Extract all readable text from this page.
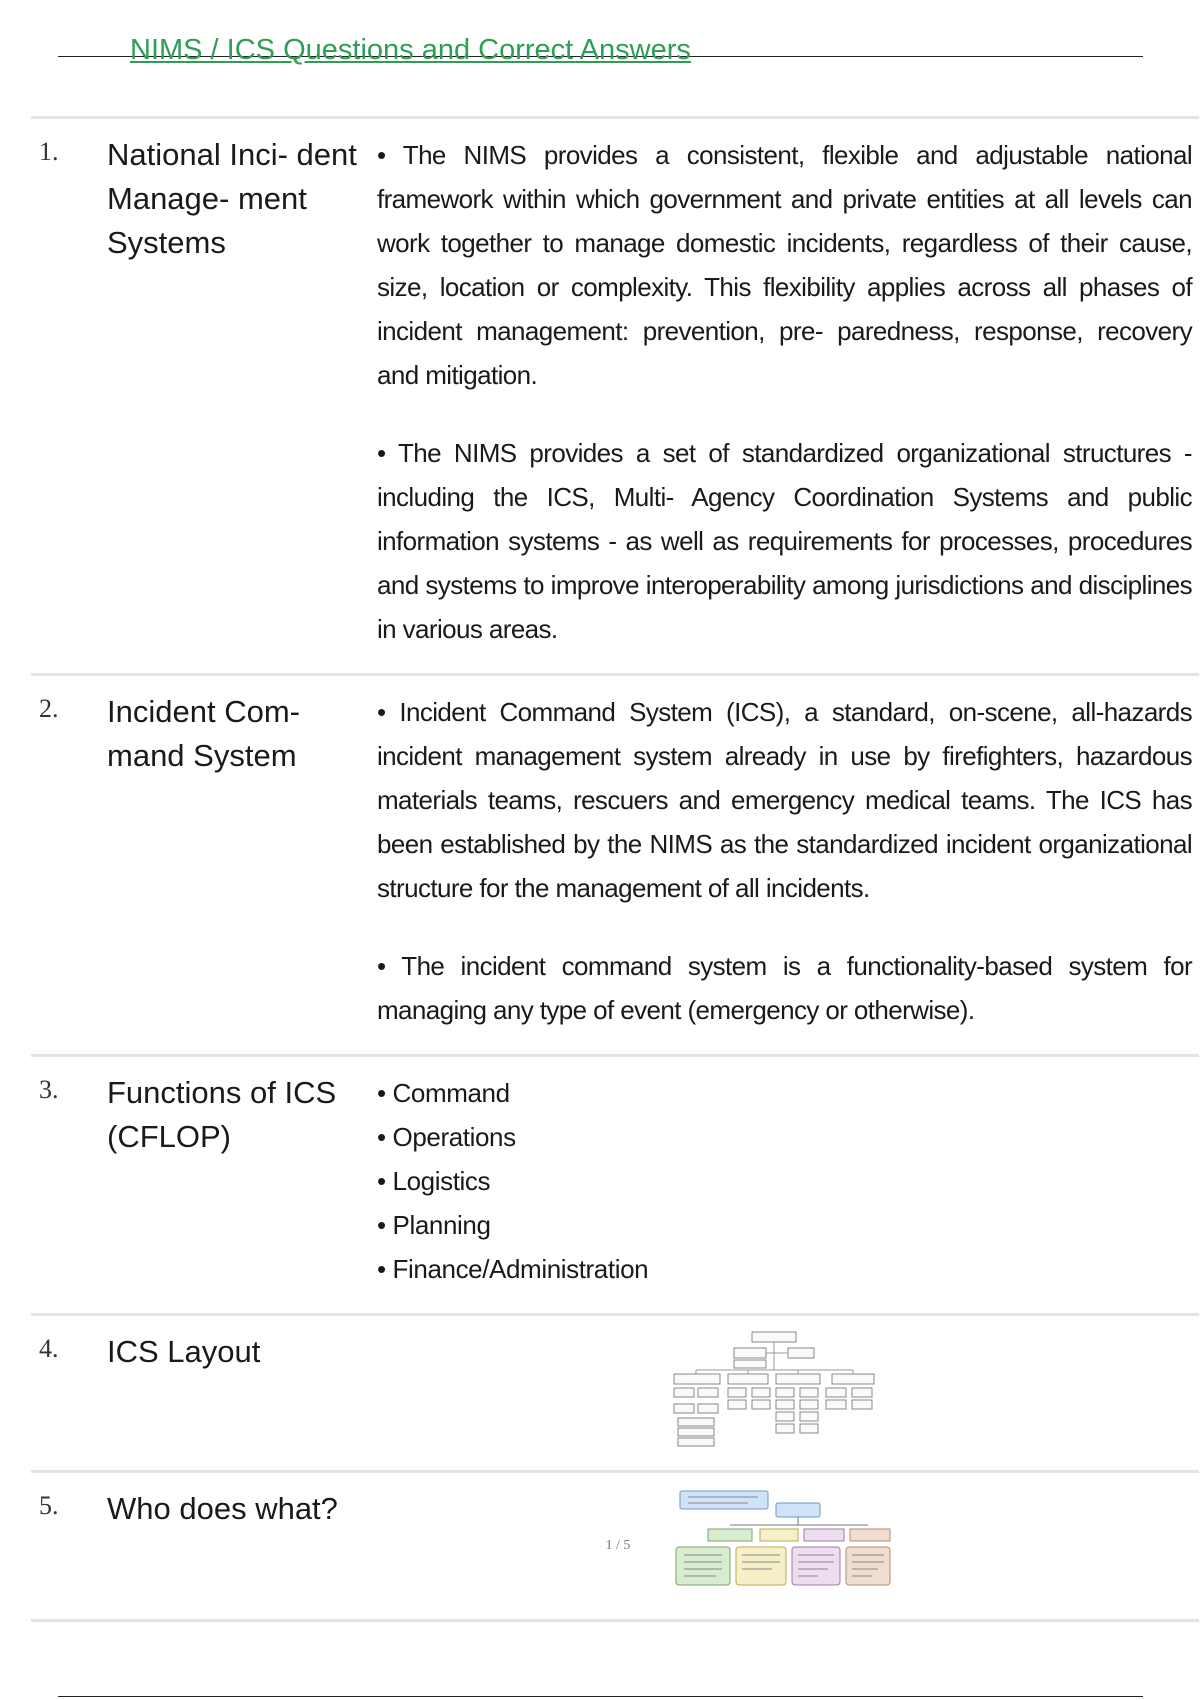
NIMS / ICS Questions and Correct Answers
1.	National Inci- dent Manage- ment Systems

• The NIMS provides a consistent, flexible and adjustable national framework within which government and private entities at all levels can work together to manage domestic incidents, regardless of their cause, size, location or complexity. This flexibility applies across all phases of incident management: prevention, pre- paredness, response, recovery and mitigation.

• The NIMS provides a set of standardized organizational structures - including the ICS, Multi- Agency Coordination Systems and public information systems - as well as requirements for processes, procedures and systems to improve interoperability among jurisdictions and disciplines in various areas.

2.	Incident Com- mand System

• Incident Command System (ICS), a standard, on-scene, all-hazards incident management system already in use by firefighters, hazardous materials teams, rescuers and emergency medical teams. The ICS has been established by the NIMS as the standardized incident organizational structure for the management of all incidents.

• The incident command system is a functionality-based system for managing any type of event (emergency or otherwise).

3.	Functions of ICS (CFLOP)
• Command
• Operations
• Logistics
• Planning
• Finance/Administration
4.	ICS Layout
5.	Who does what?
1 / 5
